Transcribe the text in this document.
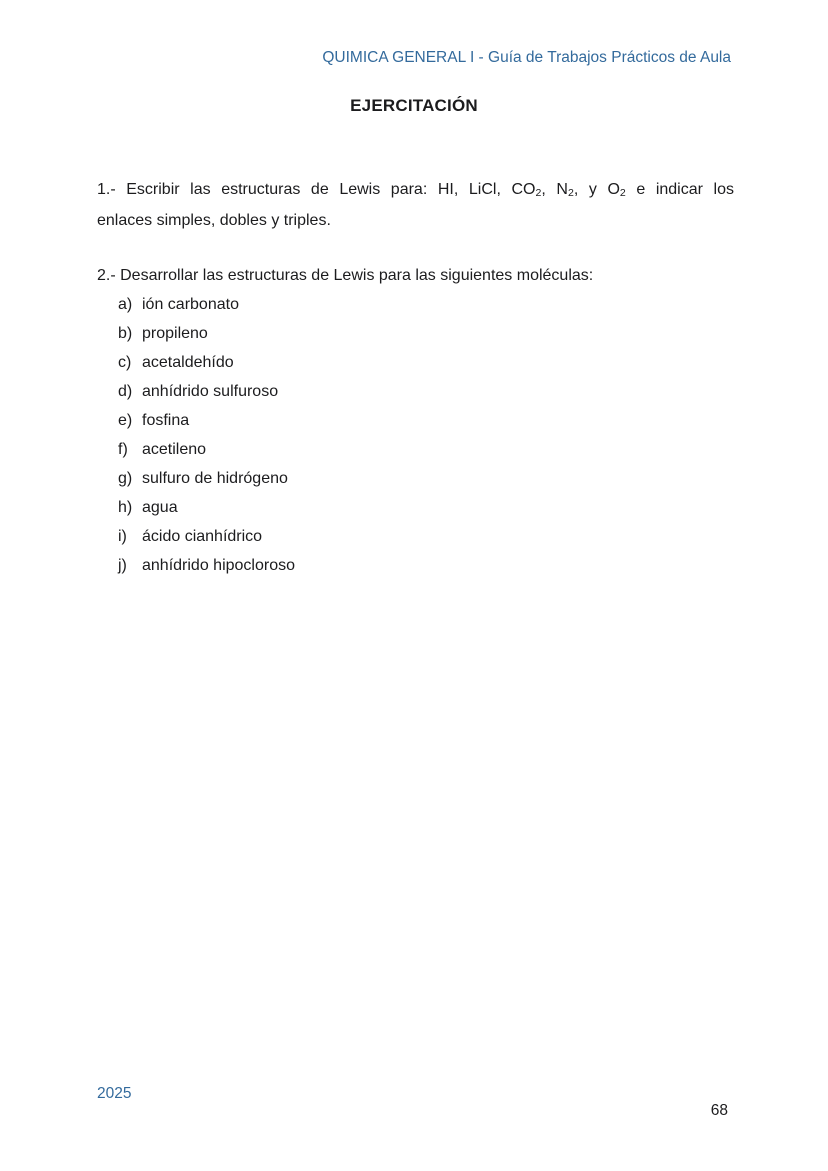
QUIMICA GENERAL I - Guía de Trabajos Prácticos de Aula
EJERCITACIÓN
1.- Escribir las estructuras de Lewis para: HI, LiCl, $CO_2$, $N_2$, y $O_2$ e indicar los
enlaces simples, dobles y triples.
2.- Desarrollar las estructuras de Lewis para las siguientes moléculas:
a) ión carbonato
b) propileno
c) acetaldehído
d) anhídrido sulfuroso
e) fosfina
f) acetileno
g) sulfuro de hidrógeno
h) agua
i) ácido cianhídrico
j) anhídrido hipocloroso
2025
68
